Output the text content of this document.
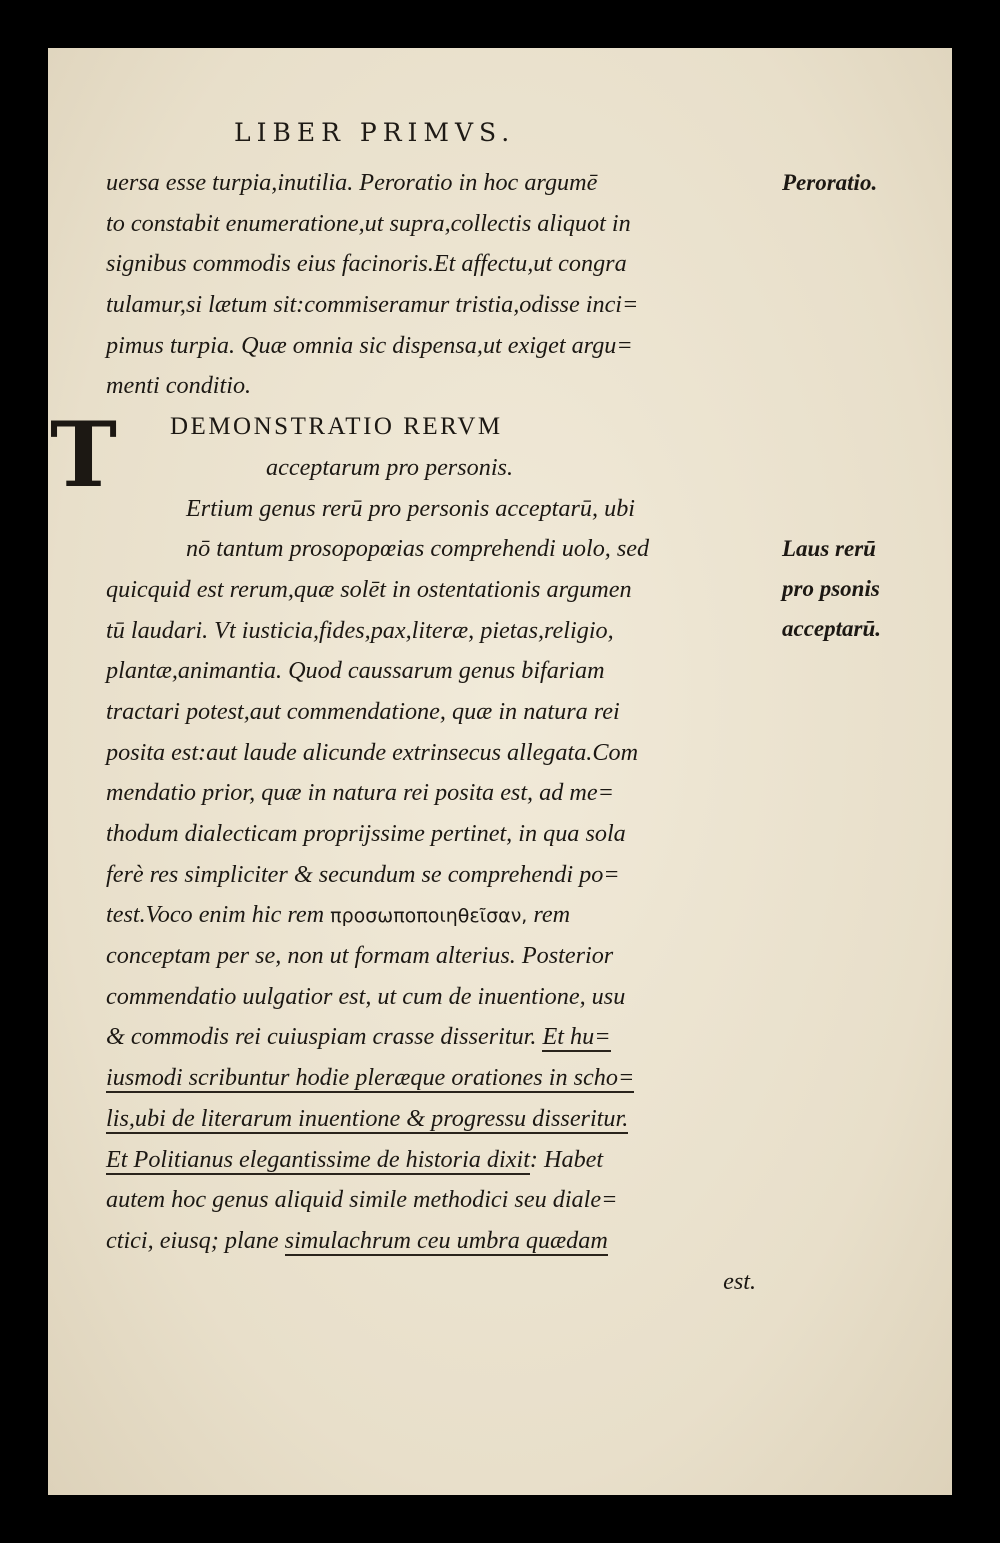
LIBER PRIMVS.
T
uersa esse turpia,inutilia. Peroratio in hoc argumē
to constabit enumeratione,ut supra,collectis aliquot in
signibus commodis eius facinoris.Et affectu,ut congra
tulamur,si lætum sit:commiseramur tristia,odisse inci=
pimus turpia. Quæ omnia sic dispensa,ut exiget argu=
menti conditio.
DEMONSTRATIO RERVM
acceptarum pro personis.
Ertium genus rerū pro personis acceptarū, ubi
nō tantum prosopopœias comprehendi uolo, sed
quicquid est rerum,quæ solēt in ostentationis argumen
tū laudari. Vt iusticia,fides,pax,literæ, pietas,religio,
plantæ,animantia. Quod caussarum genus bifariam
tractari potest,aut commendatione, quæ in natura rei
posita est:aut laude alicunde extrinsecus allegata.Com
mendatio prior, quæ in natura rei posita est, ad me=
thodum dialecticam proprijssime pertinet, in qua sola
ferè res simpliciter & secundum se comprehendi po=
test.Voco enim hic rem προσωποποιηθεῖσαν, rem
conceptam per se, non ut formam alterius. Posterior
commendatio uulgatior est, ut cum de inuentione, usu
& commodis rei cuiuspiam crasse disseritur. Et hu=
iusmodi scribuntur hodie pleræque orationes in scho=
lis,ubi de literarum inuentione & progressu disseritur.
Et Politianus elegantissime de historia dixit: Habet
autem hoc genus aliquid simile methodici seu diale=
ctici, eiusq; plane simulachrum ceu umbra quædam
est.
Peroratio.
Laus rerū
pro psonis
acceptarū.
